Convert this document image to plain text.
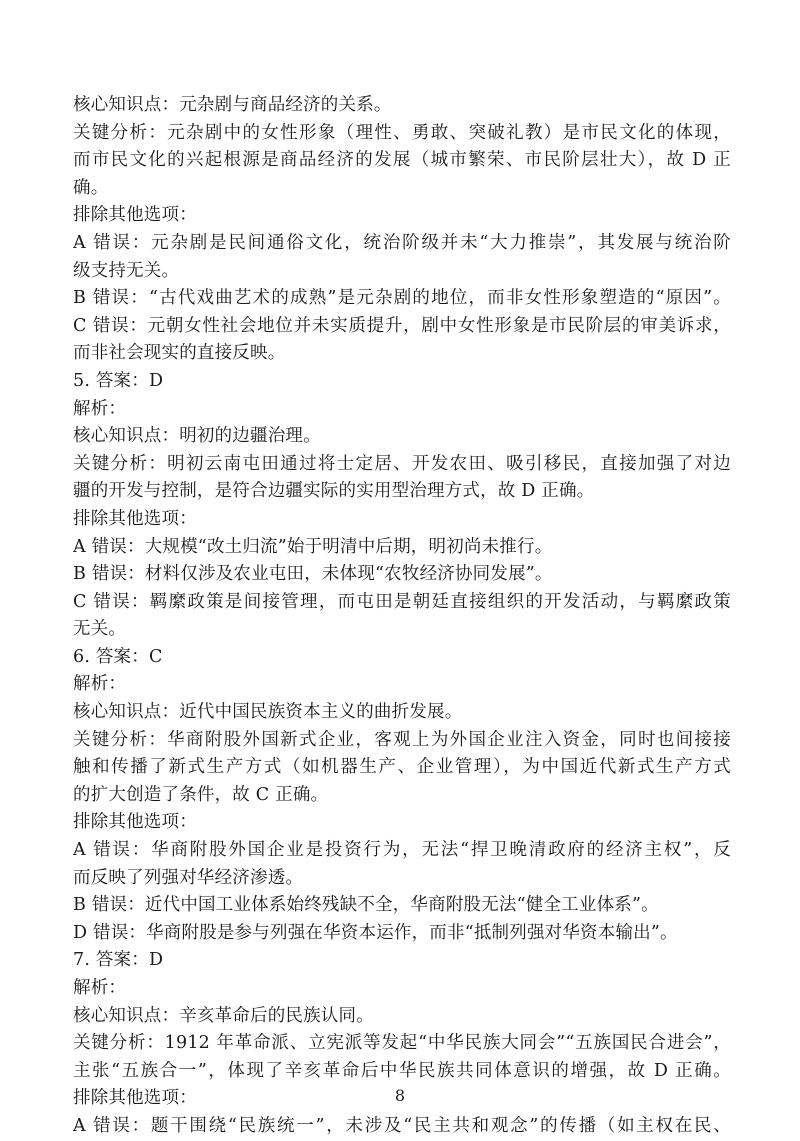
核心知识点：元杂剧与商品经济的关系。
关键分析：元杂剧中的女性形象（理性、勇敢、突破礼教）是市民文化的体现，
而市民文化的兴起根源是商品经济的发展（城市繁荣、市民阶层壮大），故 D 正
确。
排除其他选项：
A 错误：元杂剧是民间通俗文化，统治阶级并未“大力推崇”，其发展与统治阶
级支持无关。
B 错误：“古代戏曲艺术的成熟”是元杂剧的地位，而非女性形象塑造的“原因”。
C 错误：元朝女性社会地位并未实质提升，剧中女性形象是市民阶层的审美诉求，
而非社会现实的直接反映。
5. 答案：D
解析：
核心知识点：明初的边疆治理。
关键分析：明初云南屯田通过将士定居、开发农田、吸引移民，直接加强了对边
疆的开发与控制，是符合边疆实际的实用型治理方式，故 D 正确。
排除其他选项：
A 错误：大规模“改土归流”始于明清中后期，明初尚未推行。
B 错误：材料仅涉及农业屯田，未体现“农牧经济协同发展”。
C 错误：羁縻政策是间接管理，而屯田是朝廷直接组织的开发活动，与羁縻政策
无关。
6. 答案：C
解析：
核心知识点：近代中国民族资本主义的曲折发展。
关键分析：华商附股外国新式企业，客观上为外国企业注入资金，同时也间接接
触和传播了新式生产方式（如机器生产、企业管理），为中国近代新式生产方式
的扩大创造了条件，故 C 正确。
排除其他选项：
A 错误：华商附股外国企业是投资行为，无法“捍卫晚清政府的经济主权”，反
而反映了列强对华经济渗透。
B 错误：近代中国工业体系始终残缺不全，华商附股无法“健全工业体系”。
D 错误：华商附股是参与列强在华资本运作，而非“抵制列强对华资本输出”。
7. 答案：D
解析：
核心知识点：辛亥革命后的民族认同。
关键分析：1912 年革命派、立宪派等发起“中华民族大同会”“五族国民合进会”，
主张“五族合一”，体现了辛亥革命后中华民族共同体意识的增强，故 D 正确。
排除其他选项：
A 错误：题干围绕“民族统一”，未涉及“民主共和观念”的传播（如主权在民、
8
